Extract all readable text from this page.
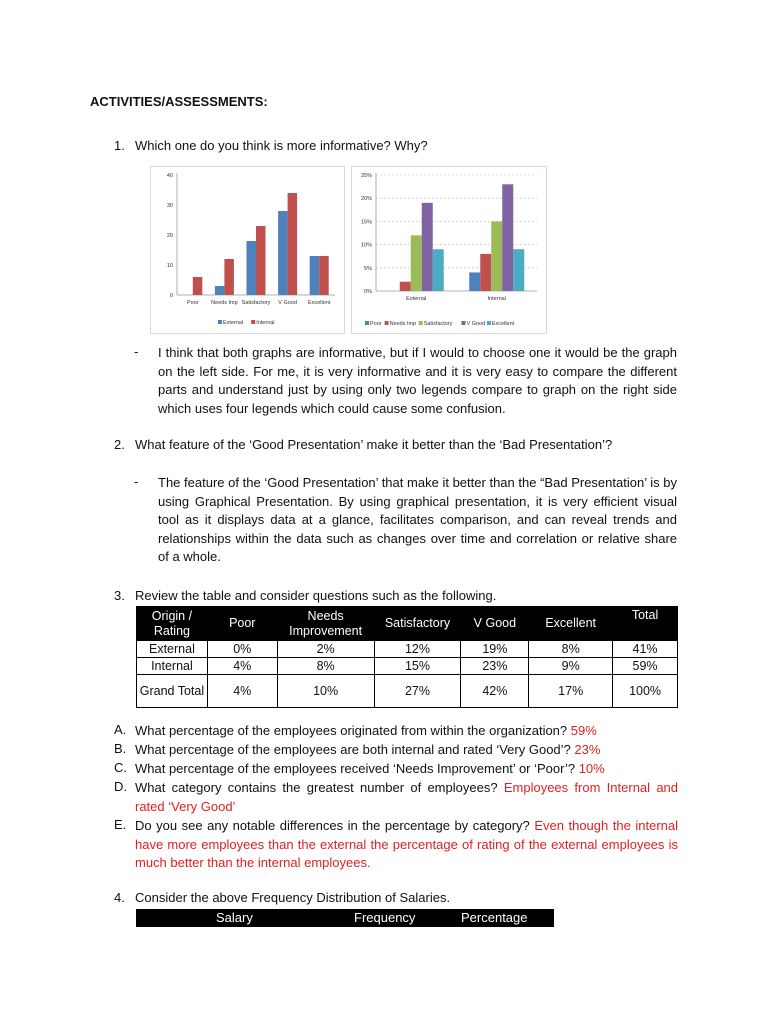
ACTIVITIES/ASSESSMENTS:
1. Which one do you think is more informative? Why?
0
10
20
30
40
Poor Needs Imp Satisfactory V Good Excellent
External Internal
0%
5%
10%
15%
20%
25%
External	Internal
Poor Needs Imp Satisfactory	V Good Excellent
- I think that both graphs are informative, but if I would to choose one it would be the graph on the left side. For me, it is very informative and it is very easy to compare the different parts and understand just by using only two legends compare to graph on the right side which uses four legends which could cause some confusion.
2. What feature of the ‘Good Presentation’ make it better than the ‘Bad Presentation’?
- The feature of the ‘Good Presentation’ that make it better than the “Bad Presentation’ is by using Graphical Presentation. By using graphical presentation, it is very efficient visual tool as it displays data at a glance, facilitates comparison, and can reveal trends and relationships within the data such as changes over time and correlation or relative share of a whole.
3. Review the table and consider questions such as the following.
Origin / Rating	Poor	Needs Improvement	Satisfactory	V Good	Excellent	Total
External	0%	2%	12%	19%	8%	41%
Internal	4%	8%	15%	23%	9%	59%
Grand Total	4%	10%	27%	42%	17%	100%
A. What percentage of the employees originated from within the organization? 59%
B. What percentage of the employees are both internal and rated ‘Very Good’? 23%
C. What percentage of the employees received ‘Needs Improvement’ or ‘Poor’? 10%
D. What category contains the greatest number of employees? Employees from Internal and rated ‘Very Good’
E. Do you see any notable differences in the percentage by category? Even though the internal have more employees than the external the percentage of rating of the external employees is much better than the internal employees.
4. Consider the above Frequency Distribution of Salaries.
Salary	Frequency	Percentage
